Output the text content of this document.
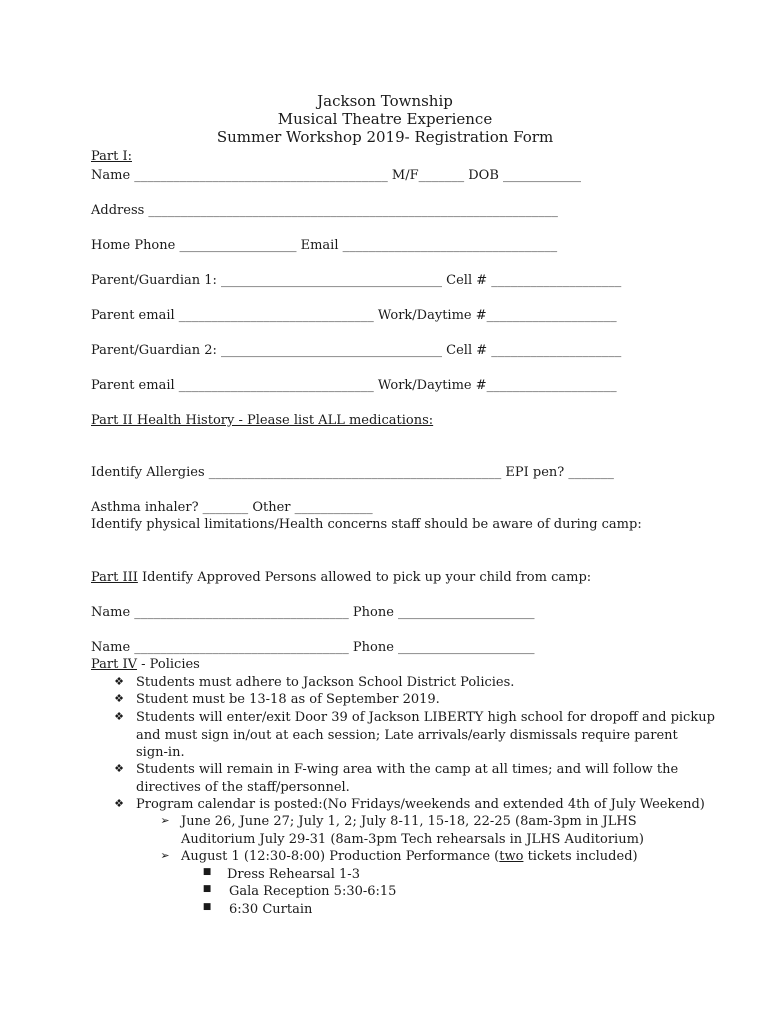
Jackson Township
Musical Theatre Experience
Summer Workshop 2019- Registration Form
Part I:
Name _______________________________________ M/F_______ DOB ____________
Address _______________________________________________________________
Home Phone __________________ Email _________________________________
Parent/Guardian 1: __________________________________ Cell # ____________________
Parent email ______________________________ Work/Daytime #____________________
Parent/Guardian 2: __________________________________ Cell # ____________________
Parent email ______________________________ Work/Daytime #____________________
Part II Health History - Please list ALL medications:
Identify Allergies _____________________________________________ EPI pen? _______
Asthma inhaler? _______ Other ____________
Identify physical limitations/Health concerns staff should be aware of during camp:
Part III Identify Approved Persons allowed to pick up your child from camp:
Name _________________________________ Phone _____________________
Name _________________________________ Phone _____________________
Part IV - Policies
❖ Students must adhere to Jackson School District Policies.
❖ Student must be 13-18 as of September 2019.
❖ Students will enter/exit Door 39 of Jackson LIBERTY high school for dropoff and pickup
and must sign in/out at each session; Late arrivals/early dismissals require parent
sign-in.
❖ Students will remain in F-wing area with the camp at all times; and will follow the
directives of the staff/personnel.
❖ Program calendar is posted:(No Fridays/weekends and extended 4th of July Weekend)
➢ June 26, June 27; July 1, 2; July 8-11, 15-18, 22-25 (8am-3pm in JLHS
Auditorium July 29-31 (8am-3pm Tech rehearsals in JLHS Auditorium)
➢ August 1 (12:30-8:00) Production Performance (two tickets included)
■ Dress Rehearsal 1-3
■ Gala Reception 5:30-6:15
■ 6:30 Curtain
